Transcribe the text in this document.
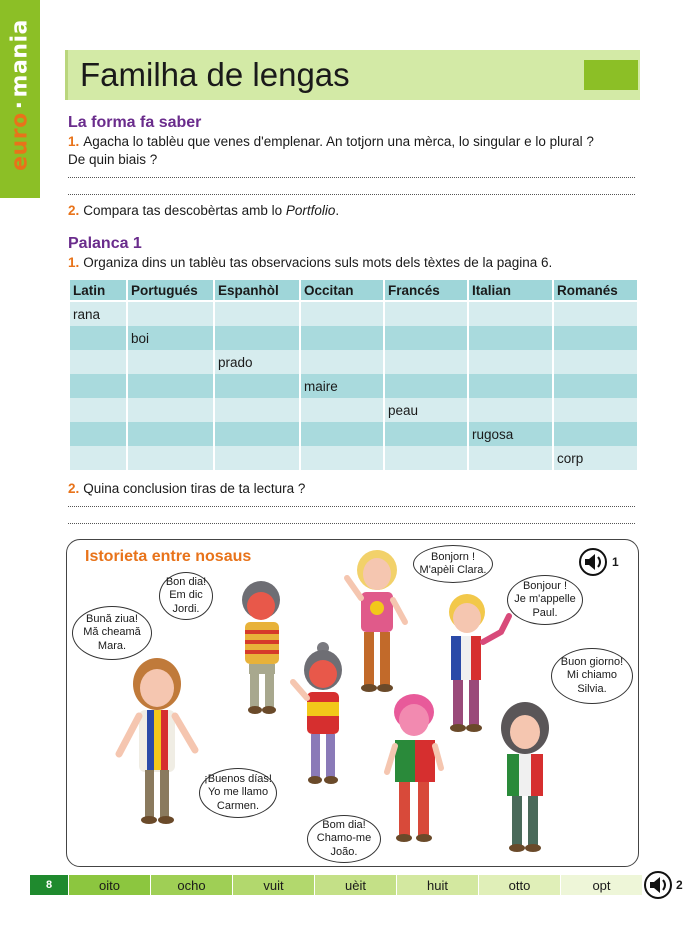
euro·mania Familha de lengas
La forma fa saber
1. Agacha lo tablèu que venes d'emplenar. An totjorn una mèrca, lo singular e lo plural ?
De quin biais ?
2. Compara tas descobèrtas amb lo Portfolio.
Palanca 1
1. Organiza dins un tablèu tas observacions suls mots dels tèxtes de la pagina 6.
Latin	Portugués	Espanhòl	Occitan	Francés	Italian	Romanés
rana						
	boi					
		prado				
			maire			
				peau		
					rugosa	
						corp
2. Quina conclusion tiras de ta lectura ?
Istorieta entre nosaus	1
Bună ziua!
Mă cheamă
Mara.
Bon dia!
Em dic
Jordi.
Bonjorn !
M'apèli Clara.
Bonjour !
Je m'appelle
Paul.
Buon giorno!
Mi chiamo
Silvia.
¡Buenos días!
Yo me llamo
Carmen.
Bom dia!
Chamo-me
João.
8	oito	ocho	vuit	uèit	huit	otto	opt	2
